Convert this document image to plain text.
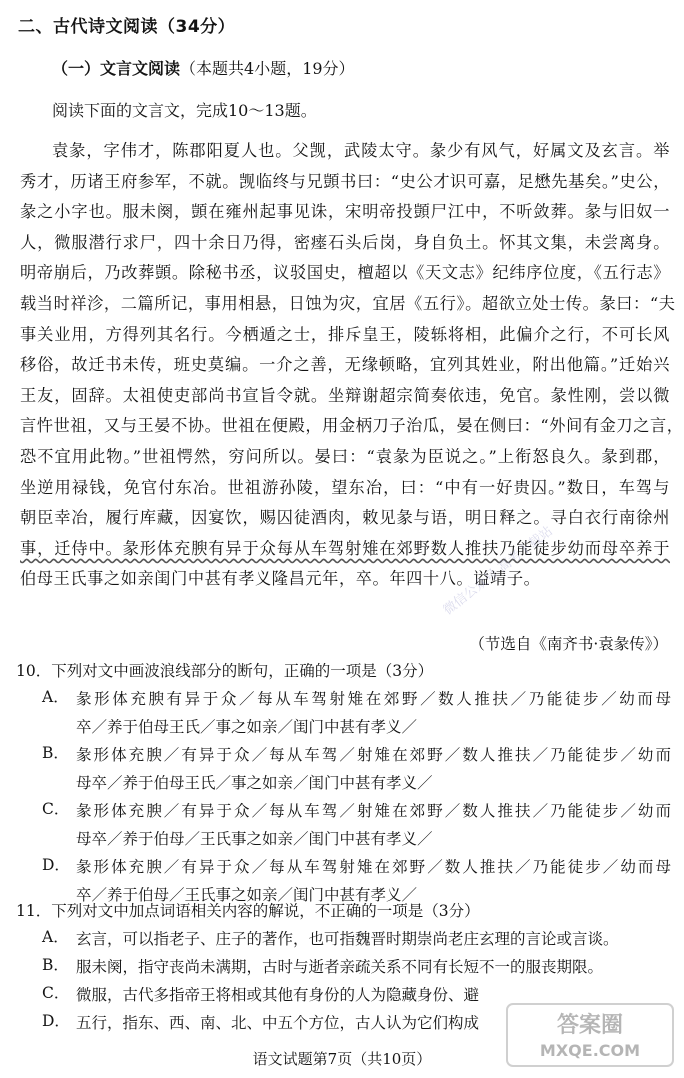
二、古代诗文阅读（34分）
（一）文言文阅读（本题共4小题，19分）
阅读下面的文言文，完成10～13题。
袁彖，字伟才，陈郡阳夏人也。父觊，武陵太守。彖少有风气，好属文及玄言。举
秀才，历诸王府参军，不就。觊临终与兄顗书曰：“史公才识可嘉，足懋先基矣。”史公，
彖之小字也。服未阕，顗在雍州起事见诛，宋明帝投顗尸江中，不听敛葬。彖与旧奴一
人，微服潜行求尸，四十余日乃得，密瘗石头后岗，身自负土。怀其文集，未尝离身。
明帝崩后，乃改葬顗。除秘书丞，议驳国史，檀超以《天文志》纪纬序位度，《五行志》
载当时祥沴，二篇所记，事用相悬，日蚀为灾，宜居《五行》。超欲立处士传。彖曰：“夫
事关业用，方得列其名行。今栖遁之士，排斥皇王，陵轹将相，此偏介之行，不可长风
移俗，故迁书未传，班史莫编。一介之善，无缘顿略，宜列其姓业，附出他篇。”迁始兴
王友，固辞。太祖使吏部尚书宣旨令就。坐辩谢超宗简奏依违，免官。彖性刚，尝以微
言忤世祖，又与王晏不协。世祖在便殿，用金柄刀子治瓜，晏在侧曰：“外间有金刀之言，
恐不宜用此物。”世祖愕然，穷问所以。晏曰：“袁彖为臣说之。”上衔怒良久。彖到郡，
坐逆用禄钱，免官付东冶。世祖游孙陵，望东冶，曰：“中有一好贵囚。”数日，车驾与
朝臣幸冶，履行库藏，因宴饮，赐囚徒酒肉，敕见彖与语，明日释之。寻白衣行南徐州
事，迁侍中。彖形体充腴有异于众每从车驾射雉在郊野数人推扶乃能徒步幼而母卒养于
伯母王氏事之如亲闺门中甚有孝义隆昌元年，卒。年四十八。谥靖子。
（节选自《南齐书·袁彖传》）
10．下列对文中画波浪线部分的断句，正确的一项是（3分）
A． 彖形体充腴有异于众／每从车驾射雉在郊野／数人推扶／乃能徒步／幼而母
卒／养于伯母王氏／事之如亲／闺门中甚有孝义／
B． 彖形体充腴／有异于众／每从车驾／射雉在郊野／数人推扶／乃能徒步／幼而
母卒／养于伯母王氏／事之如亲／闺门中甚有孝义／
C． 彖形体充腴／有异于众／每从车驾／射雉在郊野／数人推扶／乃能徒步／幼而
母卒／养于伯母／王氏事之如亲／闺门中甚有孝义／
D． 彖形体充腴／有异于众／每从车驾射雉在郊野／数人推扶／乃能徒步／幼而母
卒／养于伯母／王氏事之如亲／闺门中甚有孝义／
11．下列对文中加点词语相关内容的解说，不正确的一项是（3分）
A． 玄言，可以指老子、庄子的著作，也可指魏晋时期崇尚老庄玄理的言论或言谈。
B． 服未阕，指守丧尚未满期，古时与逝者亲疏关系不同有长短不一的服丧期限。
C． 微服，古代多指帝王将相或其他有身份的人为隐藏身份、避
D． 五行，指东、西、南、北、中五个方位，古人认为它们构成
微信公众号 高考下载站
答案圈
MXQE.COM
语文试题第7页（共10页）
